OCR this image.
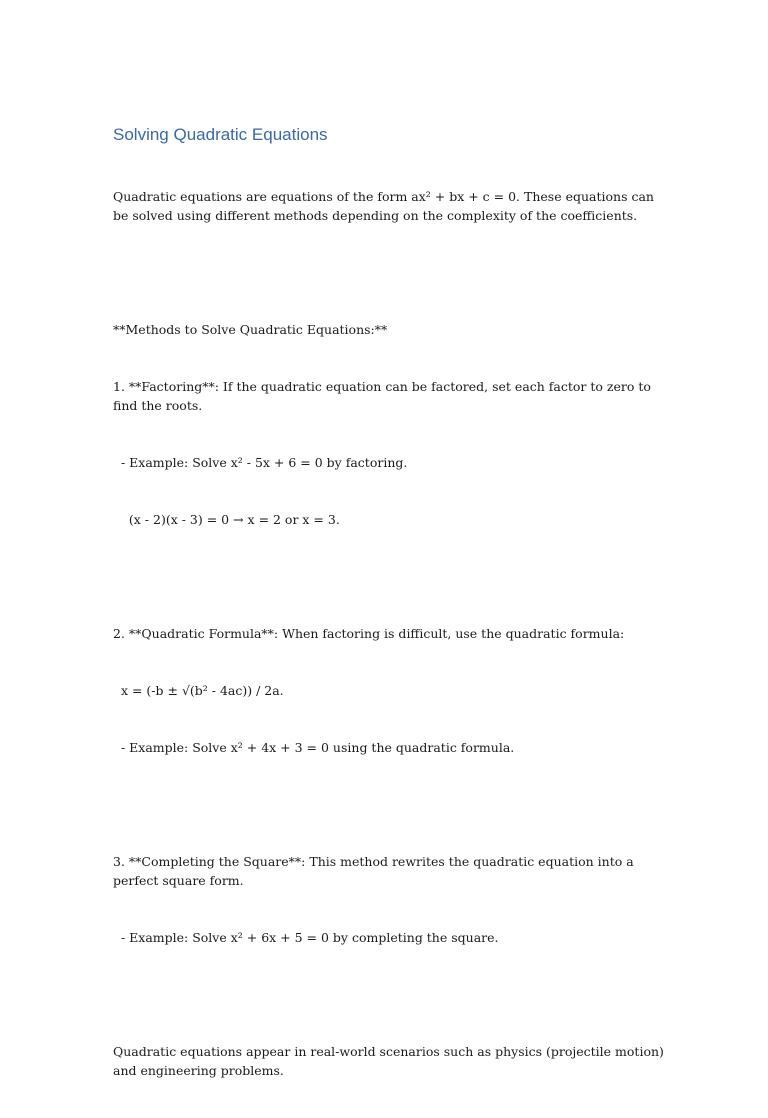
Solving Quadratic Equations

Quadratic equations are equations of the form ax² + bx + c = 0. These equations can be solved using different methods depending on the complexity of the coefficients.

**Methods to Solve Quadratic Equations:**

1. **Factoring**: If the quadratic equation can be factored, set each factor to zero to find the roots.

- Example: Solve x² - 5x + 6 = 0 by factoring.

(x - 2)(x - 3) = 0 → x = 2 or x = 3.

2. **Quadratic Formula**: When factoring is difficult, use the quadratic formula:

x = (-b ± √(b² - 4ac)) / 2a.

- Example: Solve x² + 4x + 3 = 0 using the quadratic formula.

3. **Completing the Square**: This method rewrites the quadratic equation into a perfect square form.

- Example: Solve x² + 6x + 5 = 0 by completing the square.

Quadratic equations appear in real-world scenarios such as physics (projectile motion) and engineering problems.
